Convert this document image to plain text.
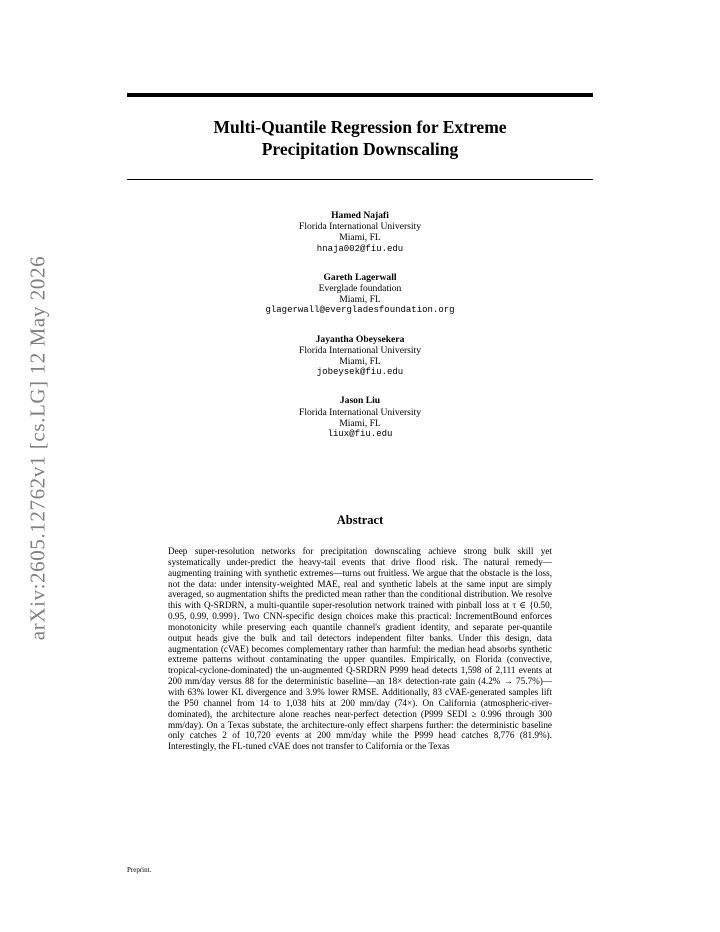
arXiv:2605.12762v1 [cs.LG] 12 May 2026
Multi-Quantile Regression for Extreme
Precipitation Downscaling
Hamed Najafi
Florida International University
Miami, FL
hnaja002@fiu.edu
Gareth Lagerwall
Everglade foundation
Miami, FL
glagerwall@evergladesfoundation.org
Jayantha Obeysekera
Florida International University
Miami, FL
jobeysek@fiu.edu
Jason Liu
Florida International University
Miami, FL
liux@fiu.edu
Abstract

Deep super-resolution networks for precipitation downscaling achieve strong bulk skill yet systematically under-predict the heavy-tail events that drive flood risk. The natural remedy—augmenting training with synthetic extremes—turns out fruitless. We argue that the obstacle is the loss, not the data: under intensity-weighted MAE, real and synthetic labels at the same input are simply averaged, so augmentation shifts the predicted mean rather than the conditional distribution. We resolve this with Q-SRDRN, a multi-quantile super-resolution network trained with pinball loss at τ ∈ {0.50, 0.95, 0.99, 0.999}. Two CNN-specific design choices make this practical: IncrementBound enforces monotonicity while preserving each quantile channel's gradient identity, and separate per-quantile output heads give the bulk and tail detectors independent filter banks. Under this design, data augmentation (cVAE) becomes complementary rather than harmful: the median head absorbs synthetic extreme patterns without contaminating the upper quantiles. Empirically, on Florida (convective, tropical-cyclone-dominated) the un-augmented Q-SRDRN P999 head detects 1,598 of 2,111 events at 200 mm/day versus 88 for the deterministic baseline—an 18× detection-rate gain (4.2% → 75.7%)—with 63% lower KL divergence and 3.9% lower RMSE. Additionally, 83 cVAE-generated samples lift the P50 channel from 14 to 1,038 hits at 200 mm/day (74×). On California (atmospheric-river-dominated), the architecture alone reaches near-perfect detection (P999 SEDI ≥ 0.996 through 300 mm/day). On a Texas substate, the architecture-only effect sharpens further: the deterministic baseline only catches 2 of 10,720 events at 200 mm/day while the P999 head catches 8,776 (81.9%). Interestingly, the FL-tuned cVAE does not transfer to California or the Texas

Preprint.
